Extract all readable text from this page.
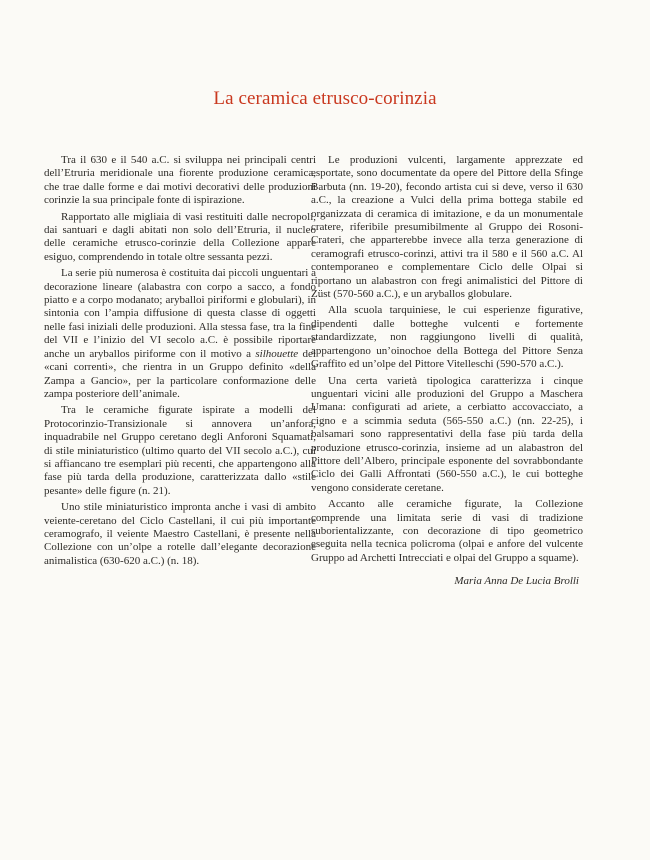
La ceramica etrusco-corinzia

Tra il 630 e il 540 a.C. si sviluppa nei principali centri dell’Etruria meridionale una fiorente produzione ceramica, che trae dalle forme e dai motivi decorativi delle produzioni corinzie la sua principale fonte di ispirazione.

Rapportato alle migliaia di vasi restituiti dalle necropoli, dai santuari e dagli abitati non solo dell’Etruria, il nucleo delle ceramiche etrusco-corinzie della Collezione appare esiguo, comprendendo in totale oltre sessanta pezzi.

La serie più numerosa è costituita dai piccoli unguentari a decorazione lineare (alabastra con corpo a sacco, a fondo piatto e a corpo modanato; aryballoi piriformi e globulari), in sintonia con l’ampia diffusione di questa classe di oggetti nelle fasi iniziali delle produzioni. Alla stessa fase, tra la fine del VII e l’inizio del VI secolo a.C. è possibile riportare anche un aryballos piriforme con il motivo a silhouette dei «cani correnti», che rientra in un Gruppo definito «della Zampa a Gancio», per la particolare conformazione delle zampa posteriore dell’animale.

Tra le ceramiche figurate ispirate a modelli del Protocorinzio-Transizionale si annovera un’anfora, inquadrabile nel Gruppo ceretano degli Anforoni Squamati, di stile miniaturistico (ultimo quarto del VII secolo a.C.), cui si affiancano tre esemplari più recenti, che appartengono alla fase più tarda della produzione, caratterizzata dallo «stile pesante» delle figure (n. 21).

Uno stile miniaturistico impronta anche i vasi di ambito veiente-ceretano del Ciclo Castellani, il cui più importante ceramografo, il veiente Maestro Castellani, è presente nella Collezione con un’olpe a rotelle dall’elegante decorazione animalistica (630-620 a.C.) (n. 18).

Le produzioni vulcenti, largamente apprezzate ed esportate, sono documentate da opere del Pittore della Sfinge Barbuta (nn. 19-20), fecondo artista cui si deve, verso il 630 a.C., la creazione a Vulci della prima bottega stabile ed organizzata di ceramica di imitazione, e da un monumentale cratere, riferibile presumibilmente al Gruppo dei Rosoni-Crateri, che apparterebbe invece alla terza generazione di ceramografi etrusco-corinzi, attivi tra il 580 e il 560 a.C. Al contemporaneo e complementare Ciclo delle Olpai si riportano un alabastron con fregi animalistici del Pittore di Züst (570-560 a.C.), e un aryballos globulare.

Alla scuola tarquiniese, le cui esperienze figurative, dipendenti dalle botteghe vulcenti e fortemente standardizzate, non raggiungono livelli di qualità, appartengono un’oinochoe della Bottega del Pittore Senza Graffito ed un’olpe del Pittore Vitelleschi (590-570 a.C.).

Una certa varietà tipologica caratterizza i cinque unguentari vicini alle produzioni del Gruppo a Maschera Umana: configurati ad ariete, a cerbiatto accovacciato, a cigno e a scimmia seduta (565-550 a.C.) (nn. 22-25), i balsamari sono rappresentativi della fase più tarda della produzione etrusco-corinzia, insieme ad un alabastron del Pittore dell’Albero, principale esponente del sovrabbondante Ciclo dei Galli Affrontati (560-550 a.C.), le cui botteghe vengono considerate ceretane.

Accanto alle ceramiche figurate, la Collezione comprende una limitata serie di vasi di tradizione suborientalizzante, con decorazione di tipo geometrico eseguita nella tecnica policroma (olpai e anfore del vulcente Gruppo ad Archetti Intrecciati e olpai del Gruppo a squame).

Maria Anna De Lucia Brolli
